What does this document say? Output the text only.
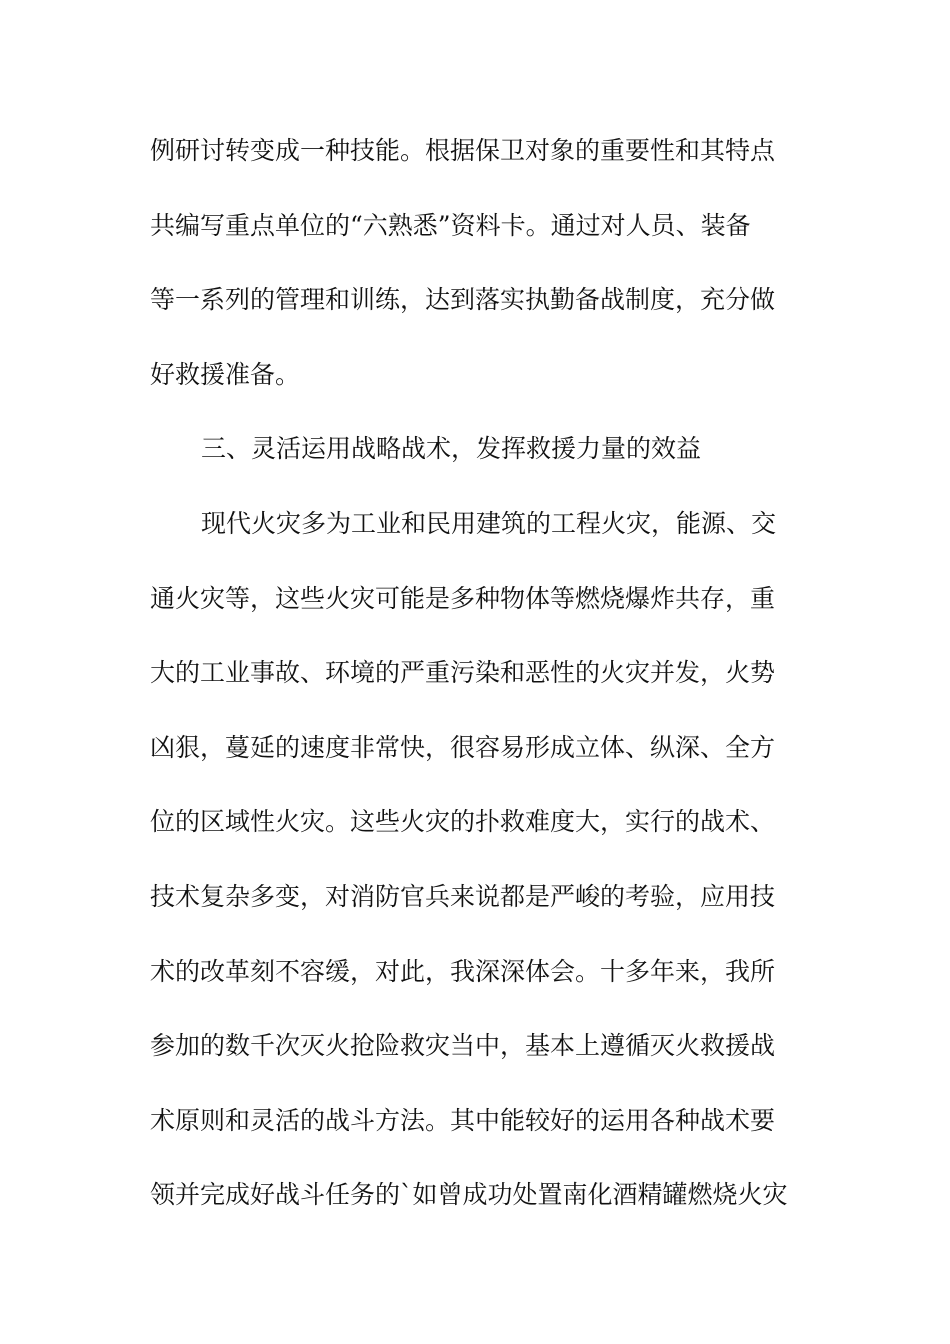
例研讨转变成一种技能。根据保卫对象的重要性和其特点

共编写重点单位的“六熟悉”资料卡。通过对人员、装备

等一系列的管理和训练，达到落实执勤备战制度，充分做

好救援准备。

三、灵活运用战略战术，发挥救援力量的效益

现代火灾多为工业和民用建筑的工程火灾，能源、交

通火灾等，这些火灾可能是多种物体等燃烧爆炸共存，重

大的工业事故、环境的严重污染和恶性的火灾并发，火势

凶狠，蔓延的速度非常快，很容易形成立体、纵深、全方

位的区域性火灾。这些火灾的扑救难度大，实行的战术、

技术复杂多变，对消防官兵来说都是严峻的考验，应用技

术的改革刻不容缓，对此，我深深体会。十多年来，我所

参加的数千次灭火抢险救灾当中，基本上遵循灭火救援战

术原则和灵活的战斗方法。其中能较好的运用各种战术要

领并完成好战斗任务的`如曾成功处置南化酒精罐燃烧火灾
